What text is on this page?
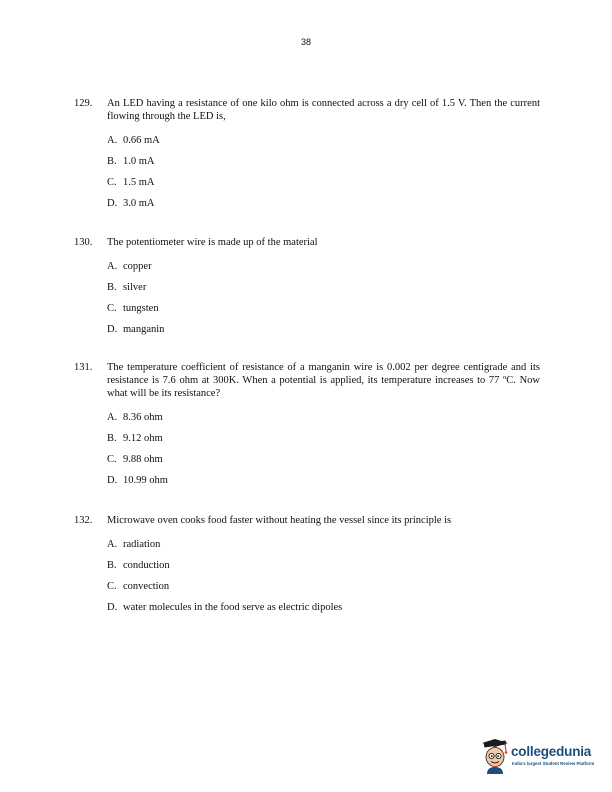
38
129. An LED having a resistance of one kilo ohm is connected across a dry cell of 1.5 V. Then the current flowing through the LED is,
A. 0.66 mA
B. 1.0 mA
C. 1.5 mA
D. 3.0 mA
130. The potentiometer wire is made up of the material
A. copper
B. silver
C. tungsten
D. manganin
131. The temperature coefficient of resistance of a manganin wire is 0.002 per degree centigrade and its resistance is 7.6 ohm at 300K. When a potential is applied, its temperature increases to 77 ºC. Now what will be its resistance?
A. 8.36 ohm
B. 9.12 ohm
C. 9.88 ohm
D. 10.99 ohm
132. Microwave oven cooks food faster without heating the vessel since its principle is
A. radiation
B. conduction
C. convection
D. water molecules in the food serve as electric dipoles
collegedunia
India's largest Student Review Platform
